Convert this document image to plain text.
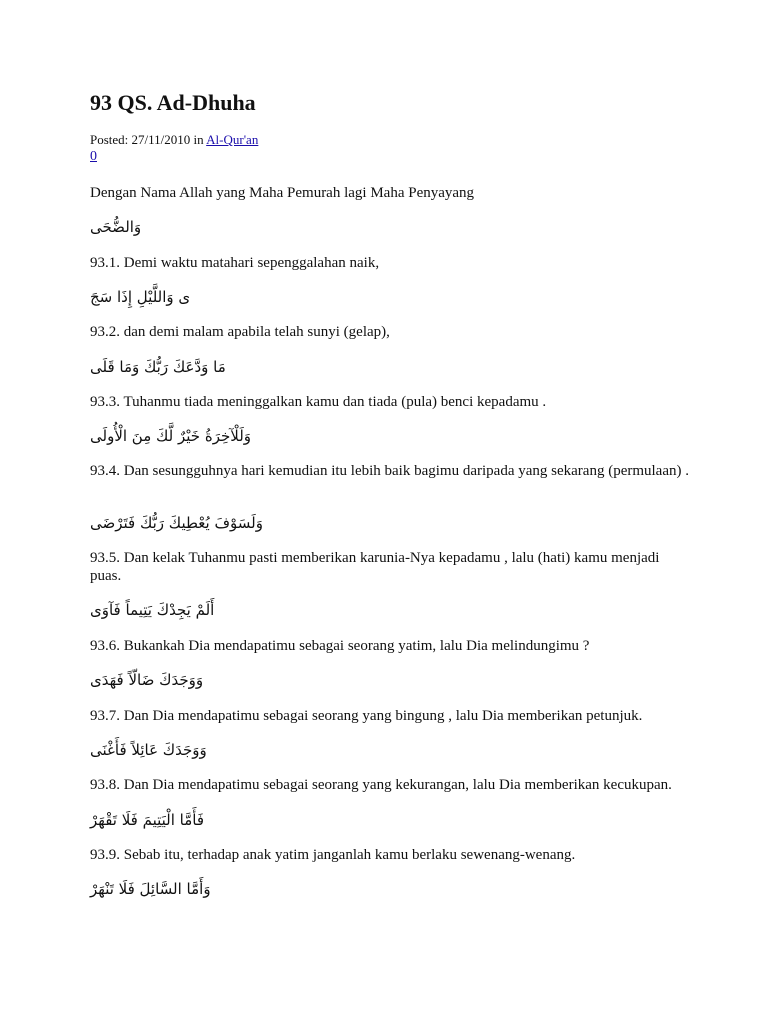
93 QS. Ad-Dhuha
Posted: 27/11/2010 in Al-Qur'an
0
Dengan Nama Allah yang Maha Pemurah lagi Maha Penyayang
وَالضُّحَى
93.1. Demi waktu matahari sepenggalahan naik,
ى وَاللَّيْلِ إِذَا سَجَ
93.2. dan demi malam apabila telah sunyi (gelap),
مَا وَدَّعَكَ رَبُّكَ وَمَا قَلَى
93.3. Tuhanmu tiada meninggalkan kamu dan tiada (pula) benci kepadamu .
وَلَلْآخِرَةُ خَيْرٌ لَّكَ مِنَ الْأُولَى
93.4. Dan sesungguhnya hari kemudian itu lebih baik bagimu daripada yang sekarang (permulaan) .
وَلَسَوْفَ يُعْطِيكَ رَبُّكَ فَتَرْضَى
93.5. Dan kelak Tuhanmu pasti memberikan karunia-Nya kepadamu , lalu (hati) kamu menjadi puas.
أَلَمْ يَجِدْكَ يَتِيماً فَآوَى
93.6. Bukankah Dia mendapatimu sebagai seorang yatim, lalu Dia melindungimu ?
وَوَجَدَكَ ضَالّاً فَهَدَى
93.7. Dan Dia mendapatimu sebagai seorang yang bingung , lalu Dia memberikan petunjuk.
وَوَجَدَكَ عَائِلاً فَأَغْنَى
93.8. Dan Dia mendapatimu sebagai seorang yang kekurangan, lalu Dia memberikan kecukupan.
فَأَمَّا الْيَتِيمَ فَلَا تَقْهَرْ
93.9. Sebab itu, terhadap anak yatim janganlah kamu berlaku sewenang-wenang.
وَأَمَّا السَّائِلَ فَلَا تَنْهَرْ
